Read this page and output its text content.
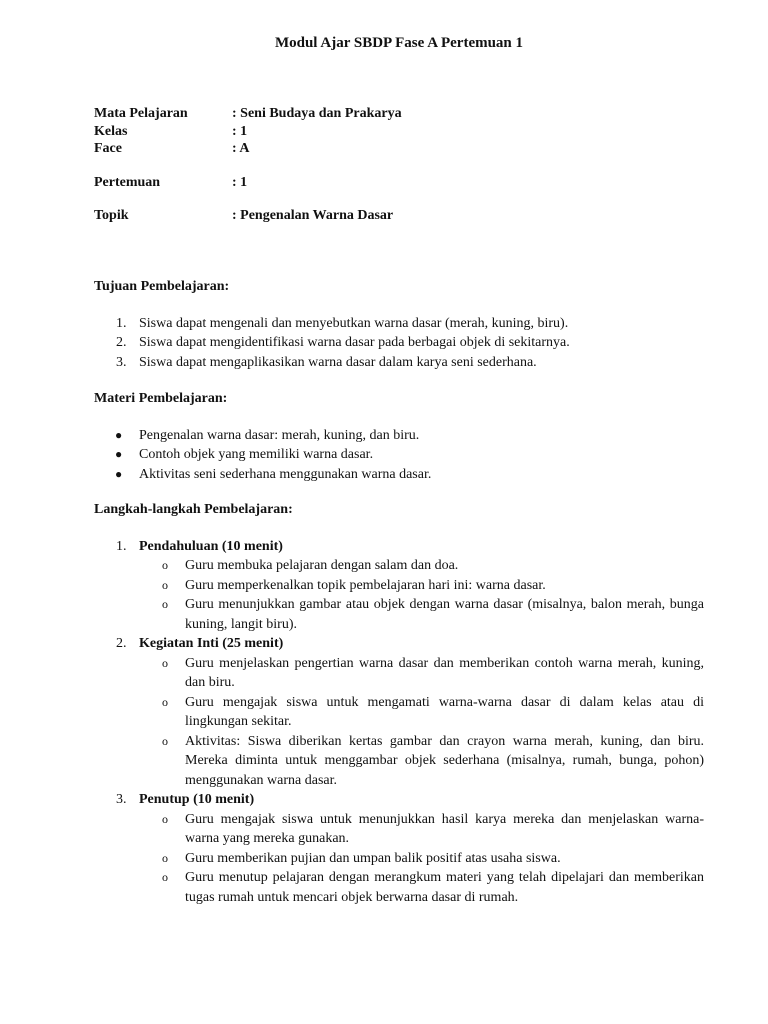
Modul Ajar SBDP Fase A Pertemuan 1
Mata Pelajaran	: Seni Budaya dan Prakarya
Kelas	: 1
Face	: A
Pertemuan	: 1
Topik	: Pengenalan Warna Dasar
Tujuan Pembelajaran:
1. Siswa dapat mengenali dan menyebutkan warna dasar (merah, kuning, biru).
2. Siswa dapat mengidentifikasi warna dasar pada berbagai objek di sekitarnya.
3. Siswa dapat mengaplikasikan warna dasar dalam karya seni sederhana.
Materi Pembelajaran:
● Pengenalan warna dasar: merah, kuning, dan biru.
● Contoh objek yang memiliki warna dasar.
● Aktivitas seni sederhana menggunakan warna dasar.
Langkah-langkah Pembelajaran:
1. Pendahuluan (10 menit)
o Guru membuka pelajaran dengan salam dan doa.
o Guru memperkenalkan topik pembelajaran hari ini: warna dasar.
o Guru menunjukkan gambar atau objek dengan warna dasar (misalnya, balon merah, bunga kuning, langit biru).
2. Kegiatan Inti (25 menit)
o Guru menjelaskan pengertian warna dasar dan memberikan contoh warna merah, kuning, dan biru.
o Guru mengajak siswa untuk mengamati warna-warna dasar di dalam kelas atau di lingkungan sekitar.
o Aktivitas: Siswa diberikan kertas gambar dan crayon warna merah, kuning, dan biru. Mereka diminta untuk menggambar objek sederhana (misalnya, rumah, bunga, pohon) menggunakan warna dasar.
3. Penutup (10 menit)
o Guru mengajak siswa untuk menunjukkan hasil karya mereka dan menjelaskan warna-warna yang mereka gunakan.
o Guru memberikan pujian dan umpan balik positif atas usaha siswa.
o Guru menutup pelajaran dengan merangkum materi yang telah dipelajari dan memberikan tugas rumah untuk mencari objek berwarna dasar di rumah.
